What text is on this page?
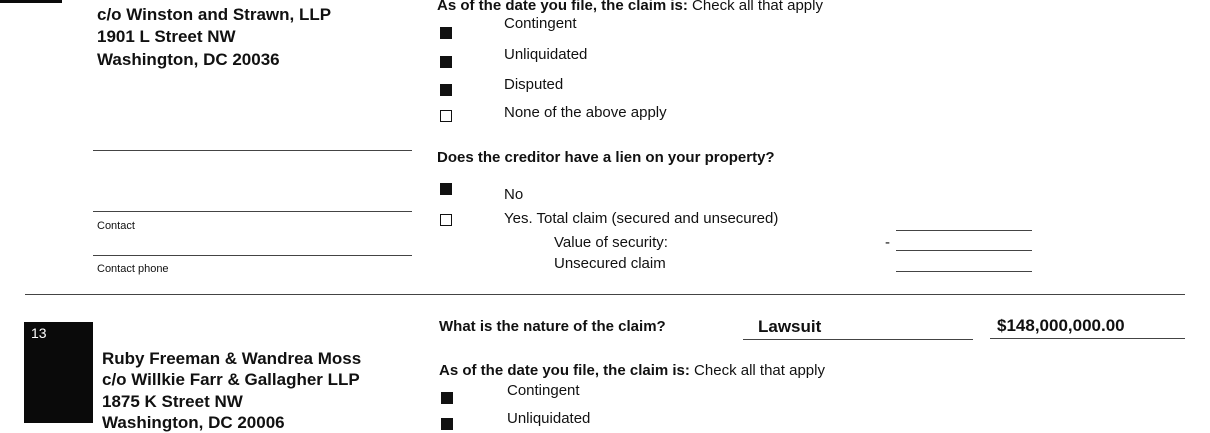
c/o Winston and Strawn, LLP
1901 L Street NW
Washington, DC 20036
As of the date you file, the claim is: Check all that apply
Contingent
Unliquidated
Disputed
None of the above apply
Does the creditor have a lien on your property?
No
Yes. Total claim (secured and unsecured)
Value of security:
Unsecured claim
-
Contact
Contact phone
13
Ruby Freeman & Wandrea Moss
c/o Willkie Farr & Gallagher LLP
1875 K Street NW
Washington, DC 20006
What is the nature of the claim?	Lawsuit	$148,000,000.00
As of the date you file, the claim is: Check all that apply
Contingent
Unliquidated
